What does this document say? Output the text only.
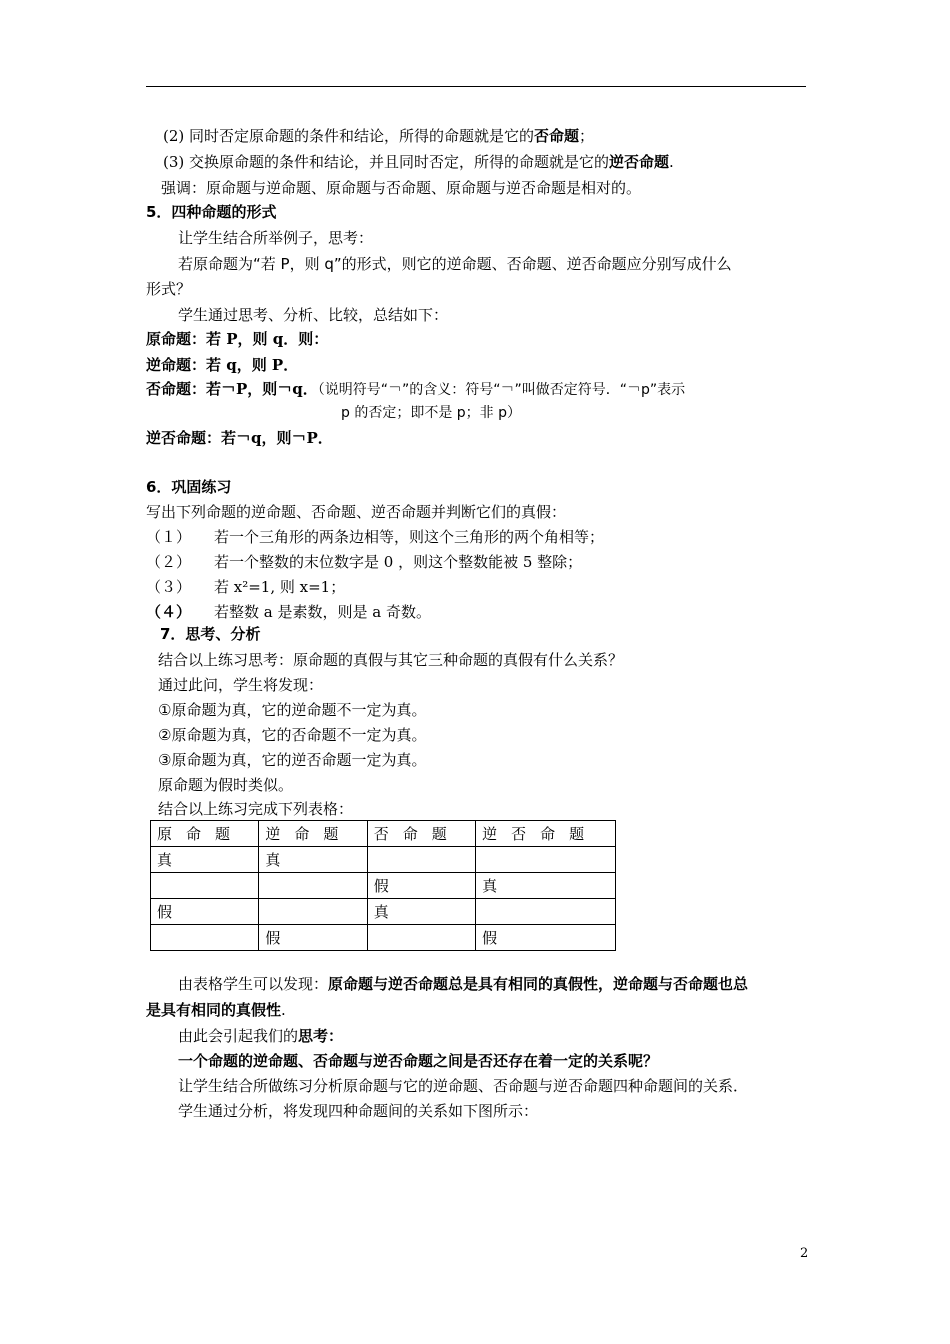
(2) 同时否定原命题的条件和结论，所得的命题就是它的否命题；
(3) 交换原命题的条件和结论，并且同时否定，所得的命题就是它的逆否命题.
强调：原命题与逆命题、原命题与否命题、原命题与逆否命题是相对的。
5．四种命题的形式
让学生结合所举例子，思考：
若原命题为“若 P，则 q”的形式，则它的逆命题、否命题、逆否命题应分别写成什么
形式？
学生通过思考、分析、比较，总结如下：
原命题：若 P，则 q．则：
逆命题：若 q，则 P．
否命题：若￢P，则￢q．（说明符号“￢”的含义：符号“￢”叫做否定符号．“￢p”表示
p 的否定；即不是 p；非 p）
逆否命题：若￢q，则￢P．
6．巩固练习
写出下列命题的逆命题、否命题、逆否命题并判断它们的真假：
（１） 若一个三角形的两条边相等，则这个三角形的两个角相等；
（２） 若一个整数的末位数字是 0 ，则这个整数能被 5 整除；
（３） 若 x²=1, 则 x=1；
（４） 若整数 a 是素数，则是 a 奇数。
7．思考、分析
结合以上练习思考：原命题的真假与其它三种命题的真假有什么关系？
通过此问，学生将发现：
①原命题为真，它的逆命题不一定为真。
②原命题为真，它的否命题不一定为真。
③原命题为真，它的逆否命题一定为真。
原命题为假时类似。
结合以上练习完成下列表格：
原命题	逆命题	否命题	逆否命题
真	真		
		假	真
假		真	
	假		假
由表格学生可以发现：原命题与逆否命题总是具有相同的真假性，逆命题与否命题也总
是具有相同的真假性.
由此会引起我们的思考：
一个命题的逆命题、否命题与逆否命题之间是否还存在着一定的关系呢？
让学生结合所做练习分析原命题与它的逆命题、否命题与逆否命题四种命题间的关系．
学生通过分析，将发现四种命题间的关系如下图所示：
2
